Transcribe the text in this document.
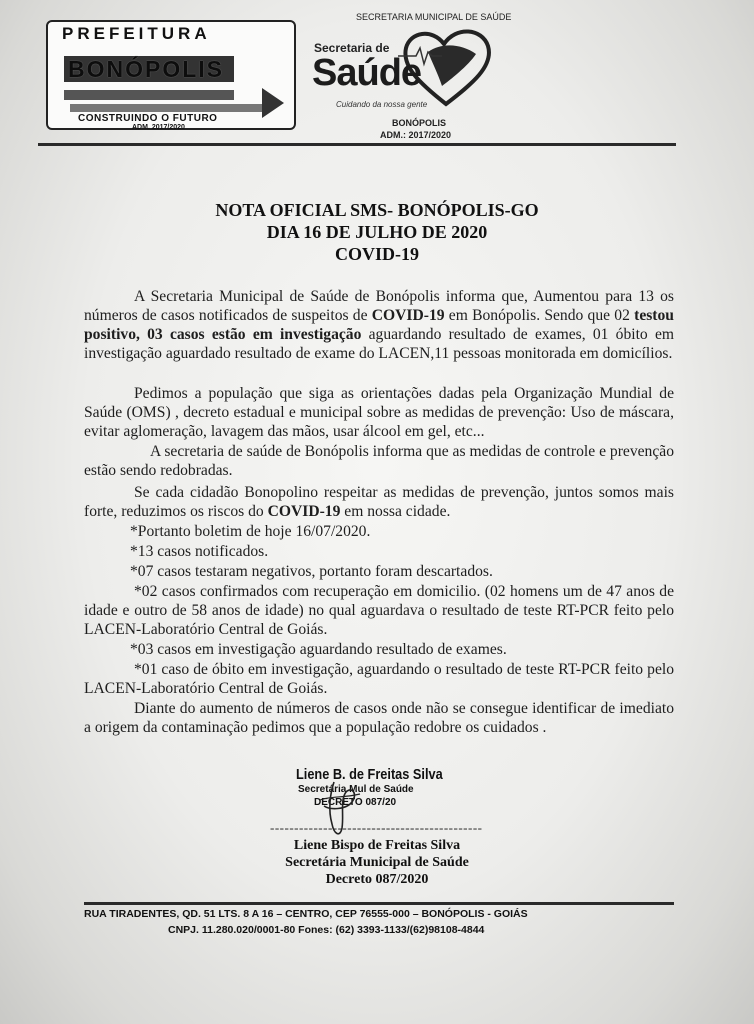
PREFEITURA
BONÓPOLIS
CONSTRUINDO O FUTURO
ADM. 2017/2020
SECRETARIA MUNICIPAL DE SAÚDE
Secretaria de
Saúde
Cuidando da nossa gente
BONÓPOLIS
ADM.: 2017/2020
NOTA OFICIAL SMS- BONÓPOLIS-GO
DIA 16 DE JULHO DE 2020
COVID-19
A Secretaria Municipal de Saúde de Bonópolis informa que, Aumentou para 13 os números de casos notificados de suspeitos de COVID-19 em Bonópolis. Sendo que 02 testou positivo, 03 casos estão em investigação aguardando resultado de exames, 01 óbito em investigação aguardado resultado de exame do LACEN,11 pessoas monitorada em domicílios.
Pedimos a população que siga as orientações dadas pela Organização Mundial de Saúde (OMS) , decreto estadual e municipal sobre as medidas de prevenção: Uso de máscara, evitar aglomeração, lavagem das mãos, usar álcool em gel, etc...
A secretaria de saúde de Bonópolis informa que as medidas de controle e prevenção estão sendo redobradas.
Se cada cidadão Bonopolino respeitar as medidas de prevenção, juntos somos mais forte, reduzimos os riscos do COVID-19 em nossa cidade.
*Portanto boletim de hoje 16/07/2020.
*13 casos notificados.
*07 casos testaram negativos, portanto foram descartados.
*02 casos confirmados com recuperação em domicilio. (02 homens um de 47 anos de idade e outro de 58 anos de idade) no qual aguardava o resultado de teste RT-PCR feito pelo LACEN-Laboratório Central de Goiás.
*03 casos em investigação aguardando resultado de exames.
*01 caso de óbito em investigação, aguardando o resultado de teste RT-PCR feito pelo LACEN-Laboratório Central de Goiás.
Diante do aumento de números de casos onde não se consegue identificar de imediato a origem da contaminação pedimos que a população redobre os cuidados .
Liene B. de Freitas Silva
Secretária Mul de Saúde
DECRETO 087/20
--------------------------------------------
Liene Bispo de Freitas Silva
Secretária Municipal de Saúde
Decreto 087/2020
RUA TIRADENTES, QD. 51 LTS. 8 A 16 – CENTRO, CEP 76555-000 – BONÓPOLIS - GOIÁS
CNPJ. 11.280.020/0001-80 Fones: (62) 3393-1133/(62)98108-4844
